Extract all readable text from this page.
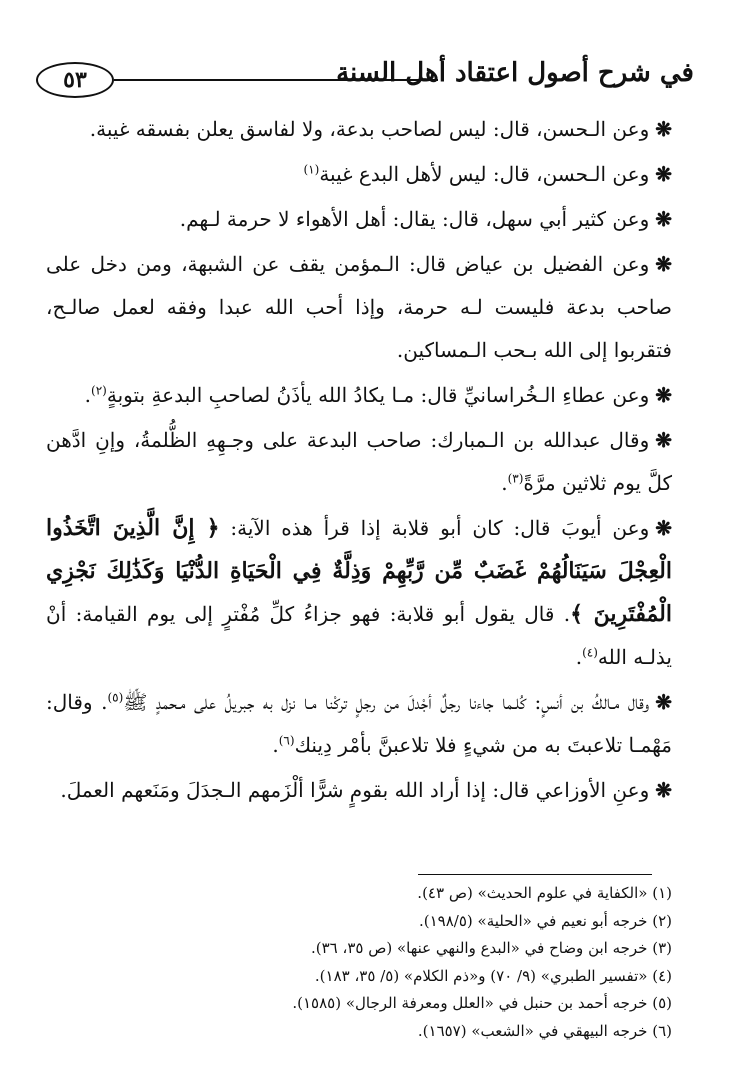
٥٣	في شرح أصول اعتقاد أهل السنة

❋وعن الـحسن، قال: ليس لصاحب بدعة، ولا لفاسق يعلن بفسقه غيبة.

❋وعن الـحسن، قال: ليس لأهل البدع غيبة$^{(١)}$

❋وعن كثير أبي سهل، قال: يقال: أهل الأهواء لا حرمة لـهم.

❋وعن الفضيل بن عياض قال: الـمؤمن يقف عن الشبهة، ومن دخل على صاحب بدعة فليست لـه حرمة، وإذا أحب الله عبدا وفقه لعمل صالـح، فتقربوا إلى الله بـحب الـمساكين.

❋وعن عطاءِ الـخُراسانيِّ قال: مـا يكادُ الله يأذَنُ لصاحبِ البدعةِ بتوبةٍ$^{(٢)}$.

❋وقال عبدالله بن الـمبارك: صاحب البدعة على وجـهِهِ الظُّلمةُ، وإنِ ادَّهن كلَّ يوم ثلاثين مرَّةً$^{(٣)}$.

❋وعن أيوبَ قال: كان أبو قلابة إذا قرأ هذه الآية: ﴿ إِنَّ الَّذِينَ اتَّخَذُوا الْعِجْلَ سَيَنَالُهُمْ غَضَبٌ مِّن رَّبِّهِمْ وَذِلَّةٌ فِي الْحَيَاةِ الدُّنْيَا وَكَذَٰلِكَ نَجْزِي الْمُفْتَرِينَ ﴾. قال يقول أبو قلابة: فهو جزاءُ كلِّ مُفْترٍ إلى يوم القيامة: أنْ يذلـه الله$^{(٤)}$.

❋وقال مـالكُ بن أنسٍ: كُلـما جاءنا رجلٌ أجْدلَ من رجلٍ تركْنا مـا نزل به جبريلُ على مـحمدٍ ﷺ$^{(٥)}$. وقال: مَهْمـا تلاعبتَ به من شيءٍ فلا تلاعبنَّ بأمْر دِينك$^{(٦)}$.

❋وعنِ الأوزاعي قال: إذا أراد الله بقومٍ شرًّا ألْزَمهم الـجدَلَ ومَنَعهم العملَ.

(١) «الكفاية في علوم الحديث» (ص ٤٣).
(٢) خرجه أبو نعيم في «الحلية» (١٩٨/٥).
(٣) خرجه ابن وضاح في «البدع والنهي عنها» (ص ٣٥، ٣٦).
(٤) «تفسير الطبري» (٩/ ٧٠) و«ذم الكلام» (٥/ ٣٥، ١٨٣).
(٥) خرجه أحمد بن حنبل في «العلل ومعرفة الرجال» (١٥٨٥).
(٦) خرجه البيهقي في «الشعب» (١٦٥٧).
